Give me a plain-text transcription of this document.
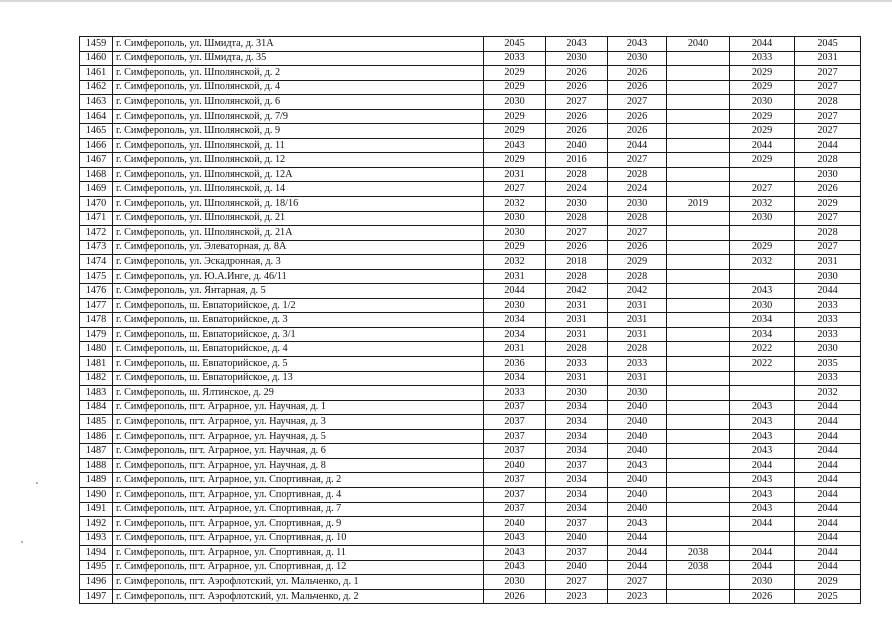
1459	г. Симферополь, ул. Шмидта, д. 31А	2045	2043	2043	2040	2044	2045
1460	г. Симферополь, ул. Шмидта, д. 35	2033	2030	2030		2033	2031
1461	г. Симферополь, ул. Шполянской, д. 2	2029	2026	2026		2029	2027
1462	г. Симферополь, ул. Шполянской, д. 4	2029	2026	2026		2029	2027
1463	г. Симферополь, ул. Шполянской, д. 6	2030	2027	2027		2030	2028
1464	г. Симферополь, ул. Шполянской, д. 7/9	2029	2026	2026		2029	2027
1465	г. Симферополь, ул. Шполянской, д. 9	2029	2026	2026		2029	2027
1466	г. Симферополь, ул. Шполянской, д. 11	2043	2040	2044		2044	2044
1467	г. Симферополь, ул. Шполянской, д. 12	2029	2016	2027		2029	2028
1468	г. Симферополь, ул. Шполянской, д. 12А	2031	2028	2028			2030
1469	г. Симферополь, ул. Шполянской, д. 14	2027	2024	2024		2027	2026
1470	г. Симферополь, ул. Шполянской, д. 18/16	2032	2030	2030	2019	2032	2029
1471	г. Симферополь, ул. Шполянской, д. 21	2030	2028	2028		2030	2027
1472	г. Симферополь, ул. Шполянской, д. 21А	2030	2027	2027			2028
1473	г. Симферополь, ул. Элеваторная, д. 8А	2029	2026	2026		2029	2027
1474	г. Симферополь, ул. Эскадронная, д. 3	2032	2018	2029		2032	2031
1475	г. Симферополь, ул. Ю.А.Инге, д. 46/11	2031	2028	2028			2030
1476	г. Симферополь, ул. Янтарная, д. 5	2044	2042	2042		2043	2044
1477	г. Симферополь, ш. Евпаторийское, д. 1/2	2030	2031	2031		2030	2033
1478	г. Симферополь, ш. Евпаторийское, д. 3	2034	2031	2031		2034	2033
1479	г. Симферополь, ш. Евпаторийское, д. 3/1	2034	2031	2031		2034	2033
1480	г. Симферополь, ш. Евпаторийское, д. 4	2031	2028	2028		2022	2030
1481	г. Симферополь, ш. Евпаторийское, д. 5	2036	2033	2033		2022	2035
1482	г. Симферополь, ш. Евпаторийское, д. 13	2034	2031	2031			2033
1483	г. Симферополь, ш. Ялтинское, д. 29	2033	2030	2030			2032
1484	г. Симферополь, пгт. Аграрное, ул. Научная, д. 1	2037	2034	2040		2043	2044
1485	г. Симферополь, пгт. Аграрное, ул. Научная, д. 3	2037	2034	2040		2043	2044
1486	г. Симферополь, пгт. Аграрное, ул. Научная, д. 5	2037	2034	2040		2043	2044
1487	г. Симферополь, пгт. Аграрное, ул. Научная, д. 6	2037	2034	2040		2043	2044
1488	г. Симферополь, пгт. Аграрное, ул. Научная, д. 8	2040	2037	2043		2044	2044
1489	г. Симферополь, пгт. Аграрное, ул. Спортивная, д. 2	2037	2034	2040		2043	2044
1490	г. Симферополь, пгт. Аграрное, ул. Спортивная, д. 4	2037	2034	2040		2043	2044
1491	г. Симферополь, пгт. Аграрное, ул. Спортивная, д. 7	2037	2034	2040		2043	2044
1492	г. Симферополь, пгт. Аграрное, ул. Спортивная, д. 9	2040	2037	2043		2044	2044
1493	г. Симферополь, пгт. Аграрное, ул. Спортивная, д. 10	2043	2040	2044			2044
1494	г. Симферополь, пгт. Аграрное, ул. Спортивная, д. 11	2043	2037	2044	2038	2044	2044
1495	г. Симферополь, пгт. Аграрное, ул. Спортивная, д. 12	2043	2040	2044	2038	2044	2044
1496	г. Симферополь, пгт. Аэрофлотский, ул. Мальченко, д. 1	2030	2027	2027		2030	2029
1497	г. Симферополь, пгт. Аэрофлотский, ул. Мальченко, д. 2	2026	2023	2023		2026	2025
